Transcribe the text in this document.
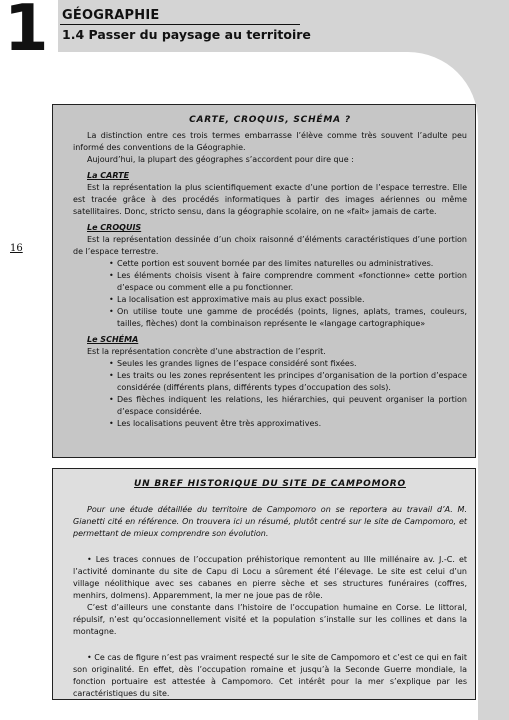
1 GÉOGRAPHIE
1.4 Passer du paysage au territoire
16
CARTE, CROQUIS, SCHÉMA ?

La distinction entre ces trois termes embarrasse l’élève comme très souvent l’adulte peu informé des conventions de la Géographie.

Aujourd’hui, la plupart des géographes s’accordent pour dire que :

La CARTE

Est la représentation la plus scientifiquement exacte d’une portion de l’espace terrestre. Elle est tracée grâce à des procédés informatiques à partir des images aériennes ou même satellitaires. Donc, stricto sensu, dans la géographie scolaire, on ne «fait» jamais de carte.

Le CROQUIS

Est la représentation dessinée d’un choix raisonné d’éléments caractéristiques d’une portion de l’espace terrestre.

• Cette portion est souvent bornée par des limites naturelles ou administratives.
• Les éléments choisis visent à faire comprendre comment «fonctionne» cette portion d’espace ou comment elle a pu fonctionner.
• La localisation est approximative mais au plus exact possible.
• On utilise toute une gamme de procédés (points, lignes, aplats, trames, couleurs, tailles, flèches) dont la combinaison représente le «langage cartographique»
Le SCHÉMA

Est la représentation concrète d’une abstraction de l’esprit.

• Seules les grandes lignes de l’espace considéré sont fixées.
• Les traits ou les zones représentent les principes d’organisation de la portion d’espace considérée (différents plans, différents types d’occupation des sols).
• Des flèches indiquent les relations, les hiérarchies, qui peuvent organiser la portion d’espace considérée.
• Les localisations peuvent être très approximatives.
UN BREF HISTORIQUE DU SITE DE CAMPOMORO

Pour une étude détaillée du territoire de Campomoro on se reportera au travail d’A. M. Gianetti cité en référence. On trouvera ici un résumé, plutôt centré sur le site de Campomoro, et permettant de mieux comprendre son évolution.

• Les traces connues de l’occupation préhistorique remontent au IIIe millénaire av. J.-C. et l’activité dominante du site de Capu di Locu a sûrement été l’élevage. Le site est celui d’un village néolithique avec ses cabanes en pierre sèche et ses structures funéraires (coffres, menhirs, dolmens). Apparemment, la mer ne joue pas de rôle.

C’est d’ailleurs une constante dans l’histoire de l’occupation humaine en Corse. Le littoral, répulsif, n’est qu’occasionnellement visité et la population s’installe sur les collines et dans la montagne.

• Ce cas de figure n’est pas vraiment respecté sur le site de Campomoro et c’est ce qui en fait son originalité. En effet, dès l’occupation romaine et jusqu’à la Seconde Guerre mondiale, la fonction portuaire est attestée à Campomoro. Cet intérêt pour la mer s’explique par les caractéristiques du site.
